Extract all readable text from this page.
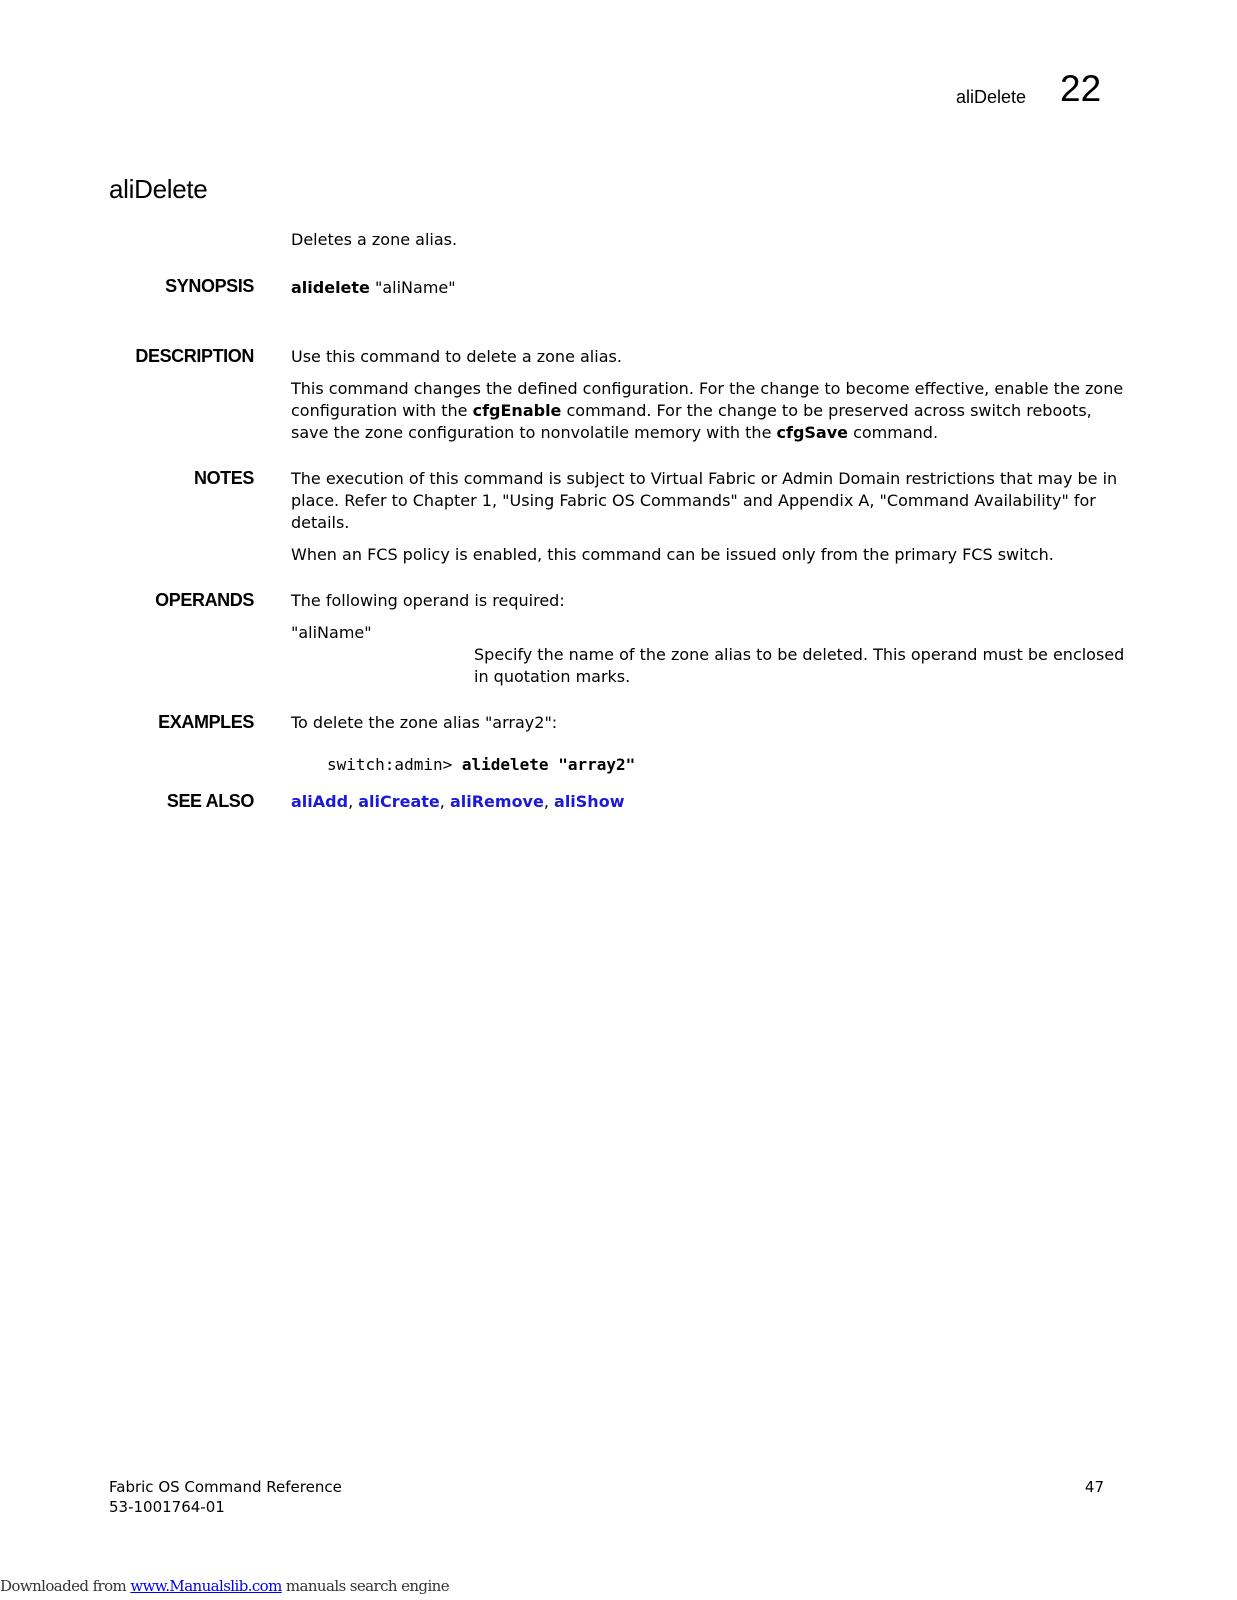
aliDelete 22
aliDelete
Deletes a zone alias.
SYNOPSIS alidelete "aliName"
DESCRIPTION Use this command to delete a zone alias.
This command changes the defined configuration. For the change to become effective, enable the zone configuration with the cfgEnable command. For the change to be preserved across switch reboots, save the zone configuration to nonvolatile memory with the cfgSave command.
NOTES The execution of this command is subject to Virtual Fabric or Admin Domain restrictions that may be in place. Refer to Chapter 1, "Using Fabric OS Commands" and Appendix A, "Command Availability" for details.
When an FCS policy is enabled, this command can be issued only from the primary FCS switch.
OPERANDS The following operand is required:
"aliName"
Specify the name of the zone alias to be deleted. This operand must be enclosed in quotation marks.
EXAMPLES To delete the zone alias "array2":
switch:admin> alidelete "array2"
SEE ALSO aliAdd, aliCreate, aliRemove, aliShow
Fabric OS Command Reference
53-1001764-01
47
Downloaded from www.Manualslib.com manuals search engine
